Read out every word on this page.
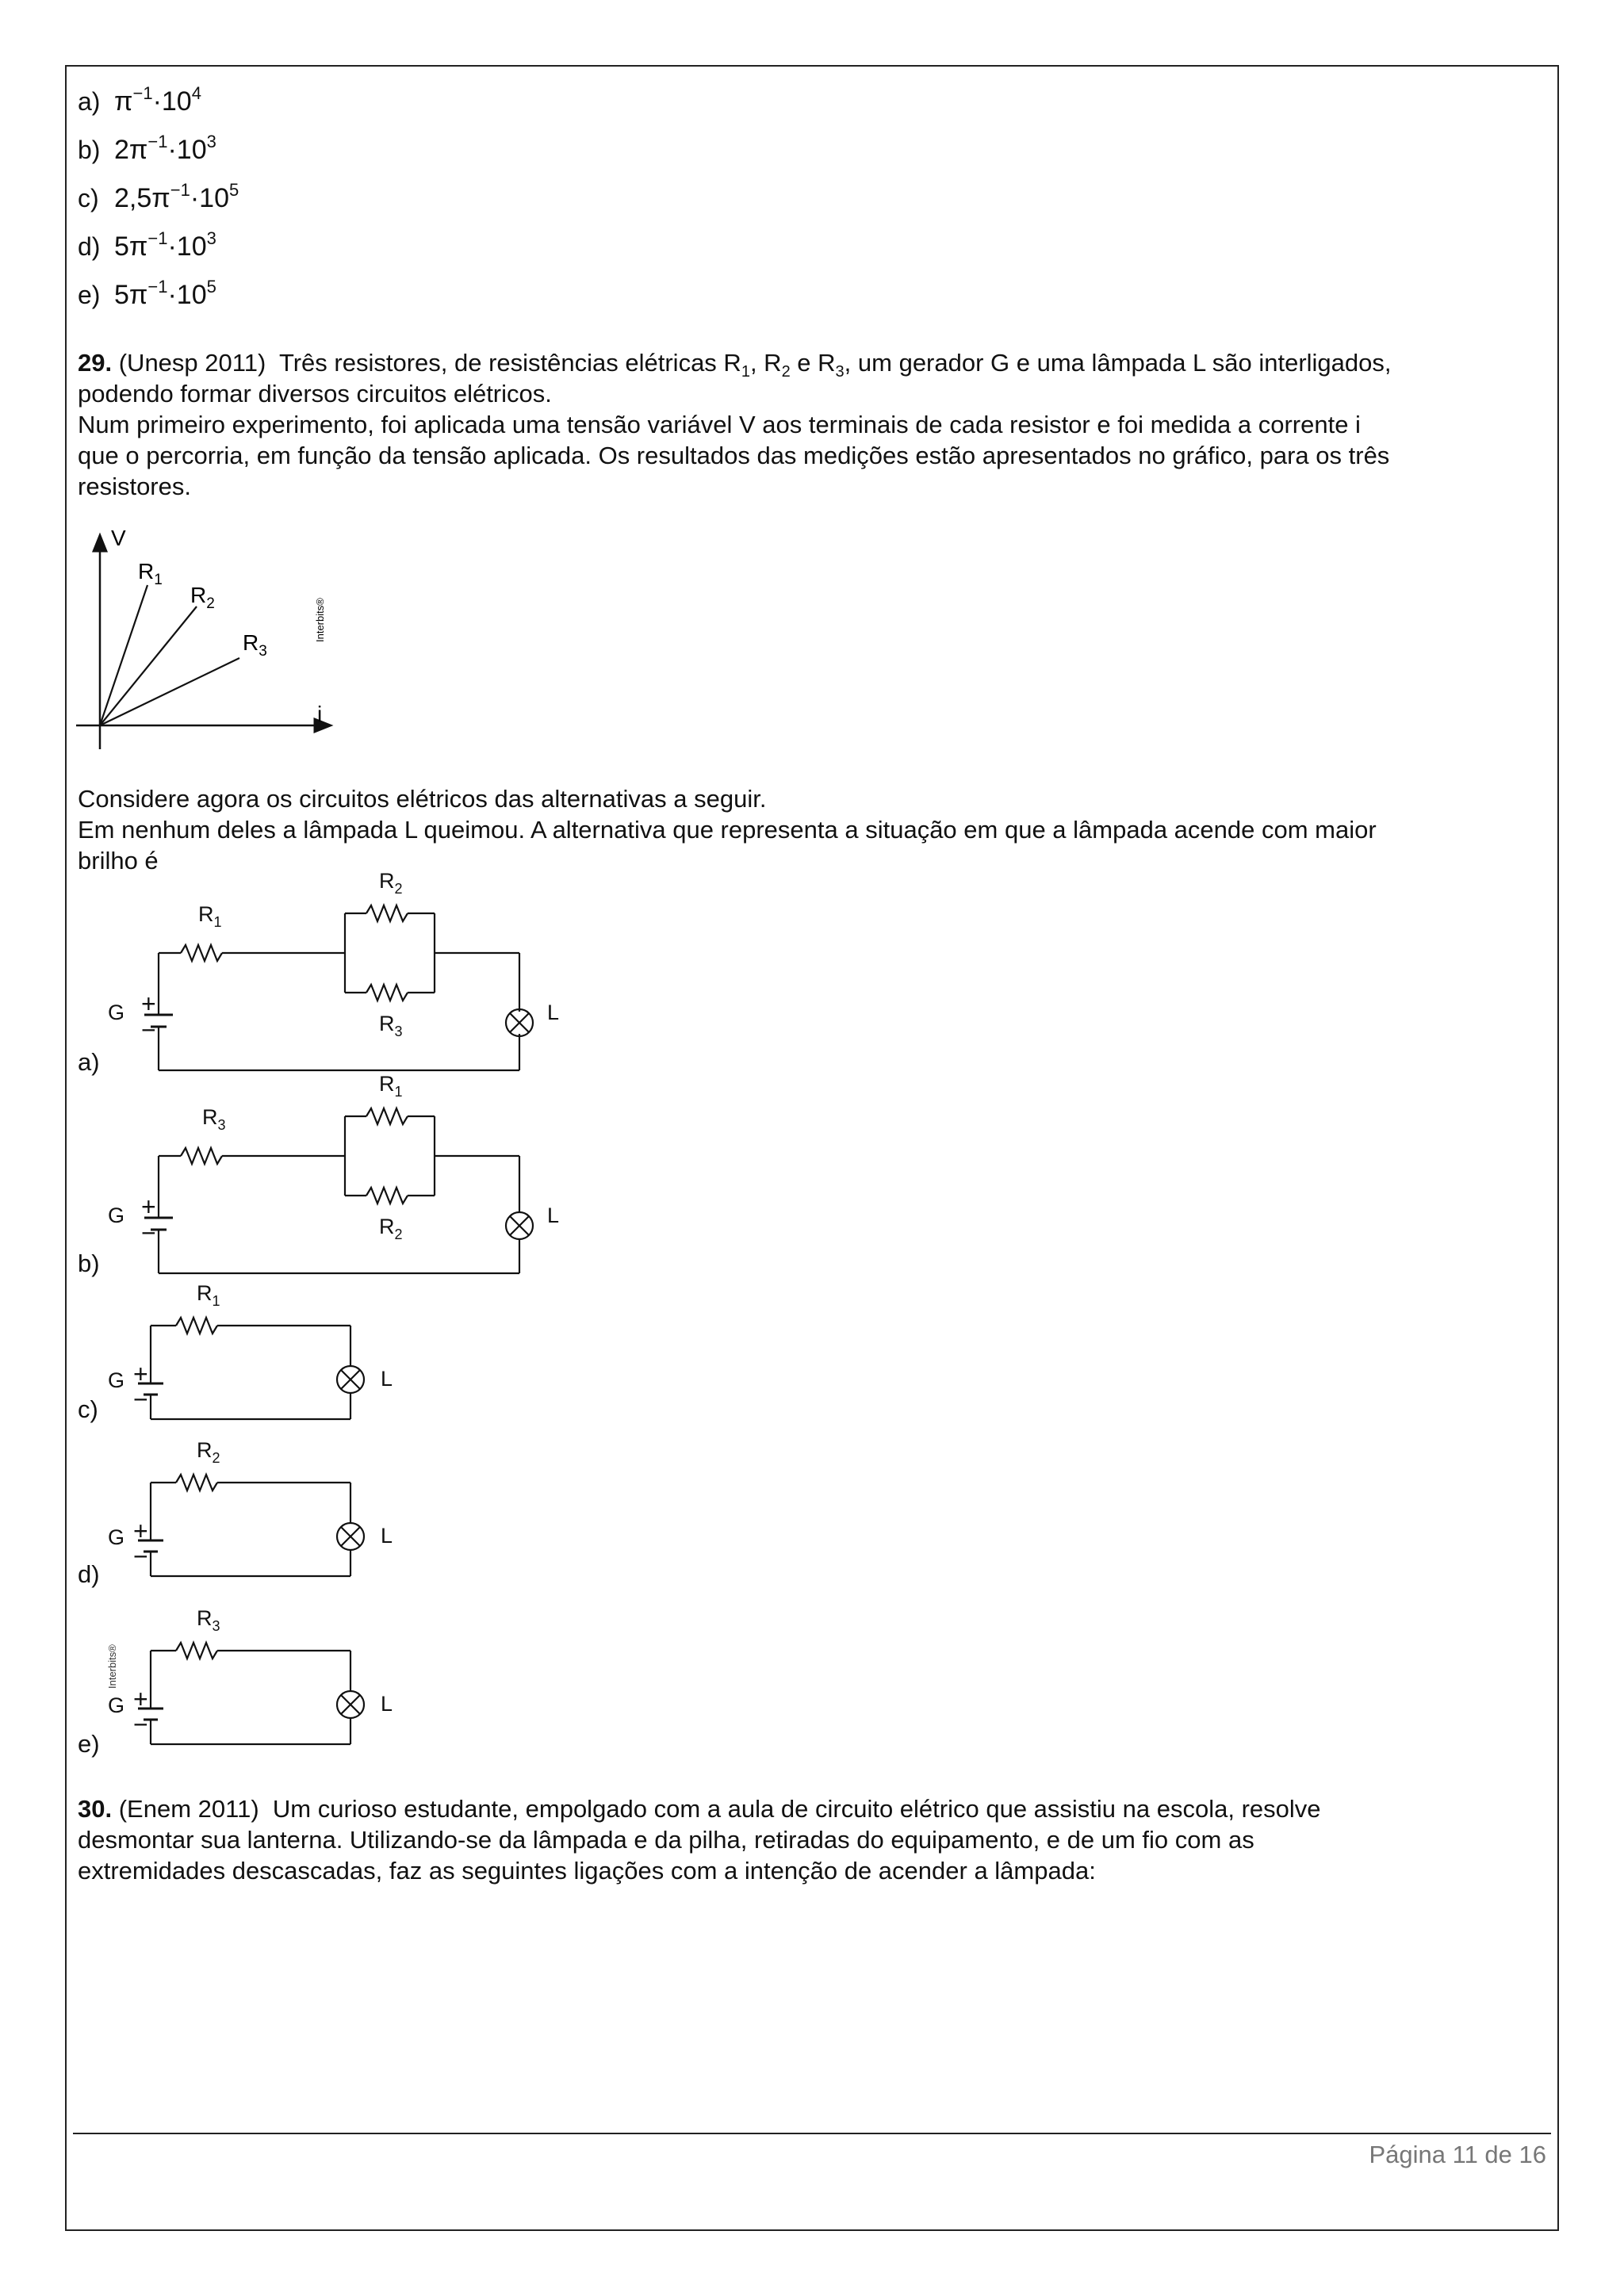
a) $\pi^{-1}\cdot 10^4$
b) $2\pi^{-1}\cdot 10^3$
c) $2,5\pi^{-1}\cdot 10^5$
d) $5\pi^{-1}\cdot 10^3$
e) $5\pi^{-1}\cdot 10^5$
29. (Unesp 2011) Três resistores, de resistências elétricas $R_1$, $R_2$ e $R_3$, um gerador G e uma lâmpada L são interligados,
podendo formar diversos circuitos elétricos.
Num primeiro experimento, foi aplicada uma tensão variável V aos terminais de cada resistor e foi medida a corrente i
que o percorria, em função da tensão aplicada. Os resultados das medições estão apresentados no gráfico, para os três
resistores.
V
i
$R_1$
$R_2$
$R_3$
Interbits®
Considere agora os circuitos elétricos das alternativas a seguir.
Em nenhum deles a lâmpada L queimou. A alternativa que representa a situação em que a lâmpada acende com maior
brilho é
$R_1$
$R_2$
$R_3$
G +
−
L
$R_3$
$R_1$
$R_2$
G +
−
L
$R_1$
G +
−
L
$R_2$
G +
−
L
$R_3$
G +
−
L
Interbits®
a)
b)
c)
d)
e)
30. (Enem 2011) Um curioso estudante, empolgado com a aula de circuito elétrico que assistiu na escola, resolve
desmontar sua lanterna. Utilizando-se da lâmpada e da pilha, retiradas do equipamento, e de um fio com as
extremidades descascadas, faz as seguintes ligações com a intenção de acender a lâmpada:
Página 11 de 16
